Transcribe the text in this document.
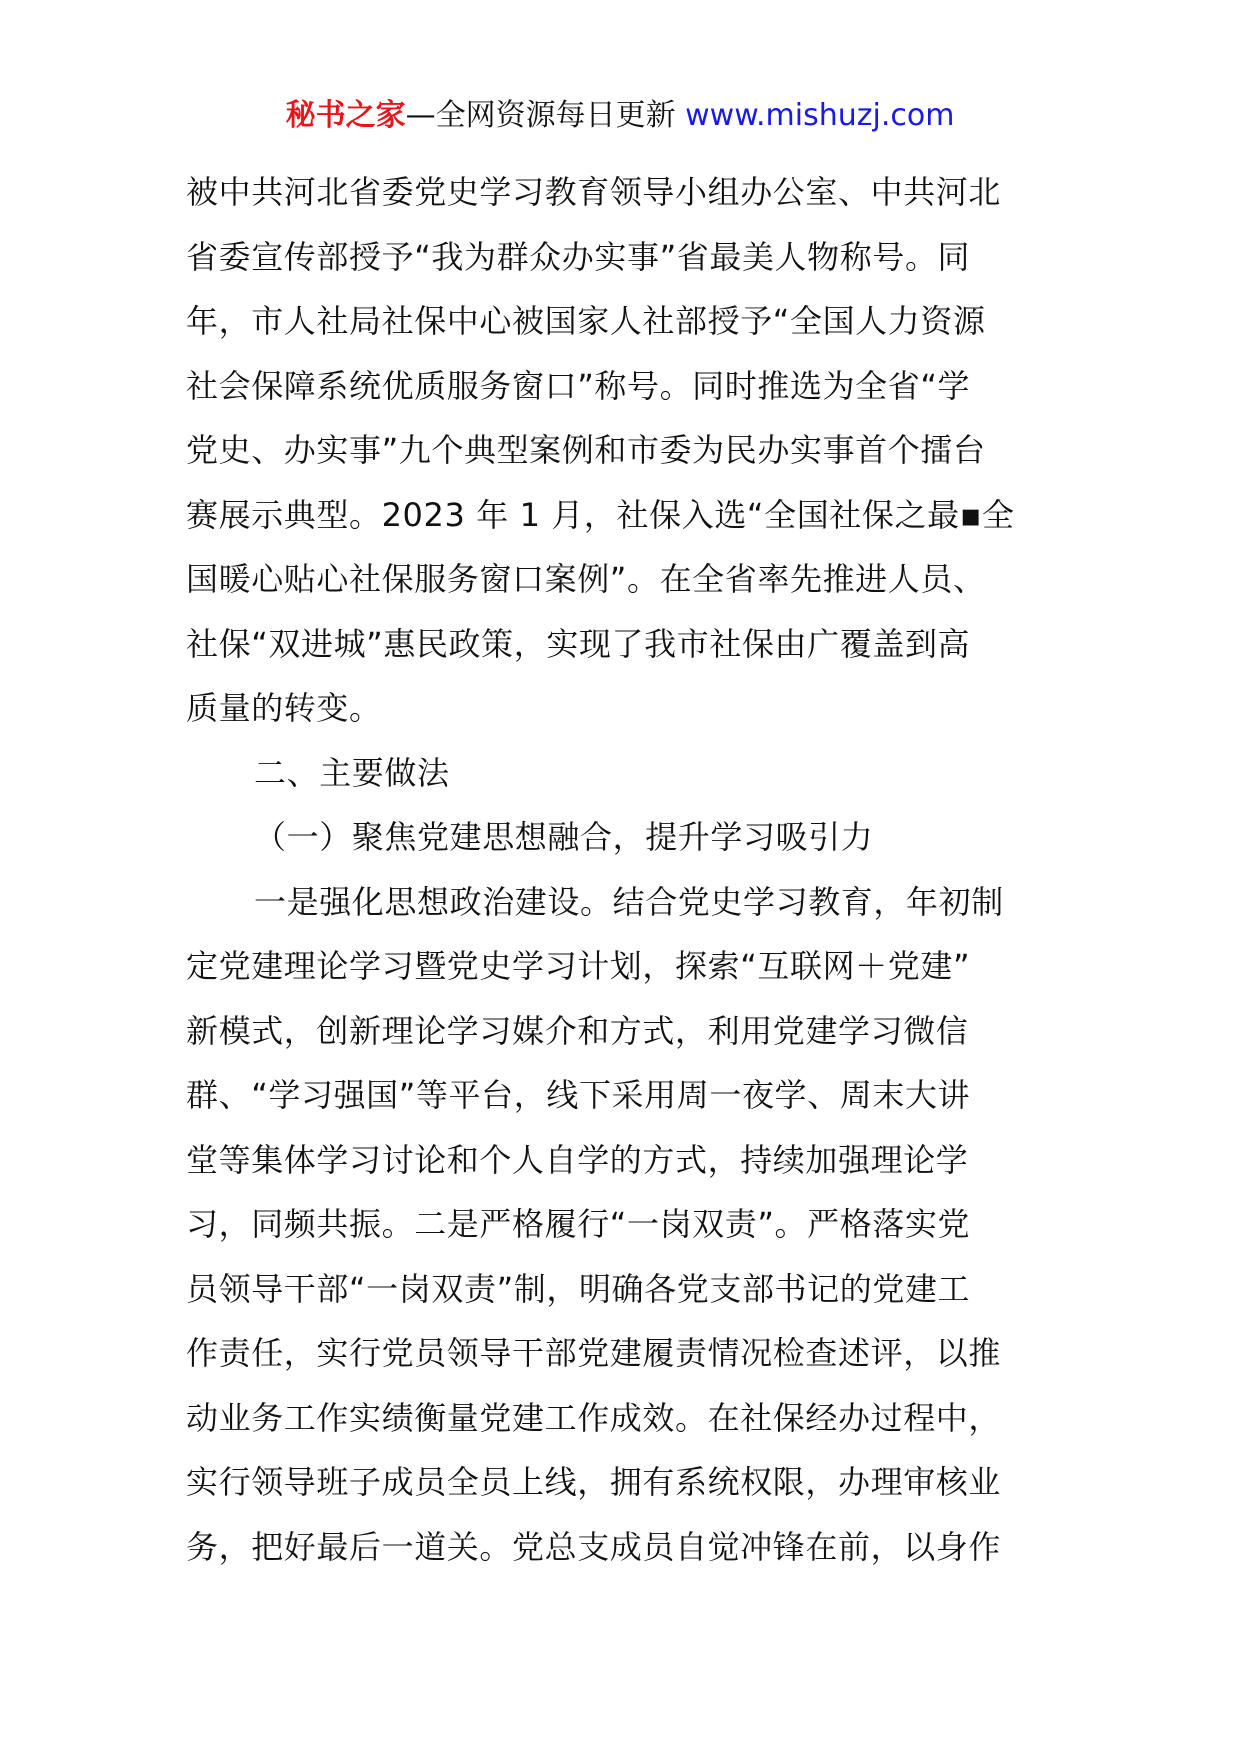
秘书之家—全网资源每日更新 www.mishuzj.com
被中共河北省委党史学习教育领导小组办公室、中共河北
省委宣传部授予“我为群众办实事”省最美人物称号。同
年，市人社局社保中心被国家人社部授予“全国人力资源
社会保障系统优质服务窗口”称号。同时推选为全省“学
党史、办实事”九个典型案例和市委为民办实事首个擂台
赛展示典型。2023 年 1 月，社保入选“全国社保之最▪全
国暖心贴心社保服务窗口案例”。在全省率先推进人员、
社保“双进城”惠民政策，实现了我市社保由广覆盖到高
质量的转变。
二、主要做法
（一）聚焦党建思想融合，提升学习吸引力
一是强化思想政治建设。结合党史学习教育，年初制
定党建理论学习暨党史学习计划，探索“互联网＋党建”
新模式，创新理论学习媒介和方式，利用党建学习微信
群、“学习强国”等平台，线下采用周一夜学、周末大讲
堂等集体学习讨论和个人自学的方式，持续加强理论学
习，同频共振。二是严格履行“一岗双责”。严格落实党
员领导干部“一岗双责”制，明确各党支部书记的党建工
作责任，实行党员领导干部党建履责情况检查述评，以推
动业务工作实绩衡量党建工作成效。在社保经办过程中，
实行领导班子成员全员上线，拥有系统权限，办理审核业
务，把好最后一道关。党总支成员自觉冲锋在前，以身作
